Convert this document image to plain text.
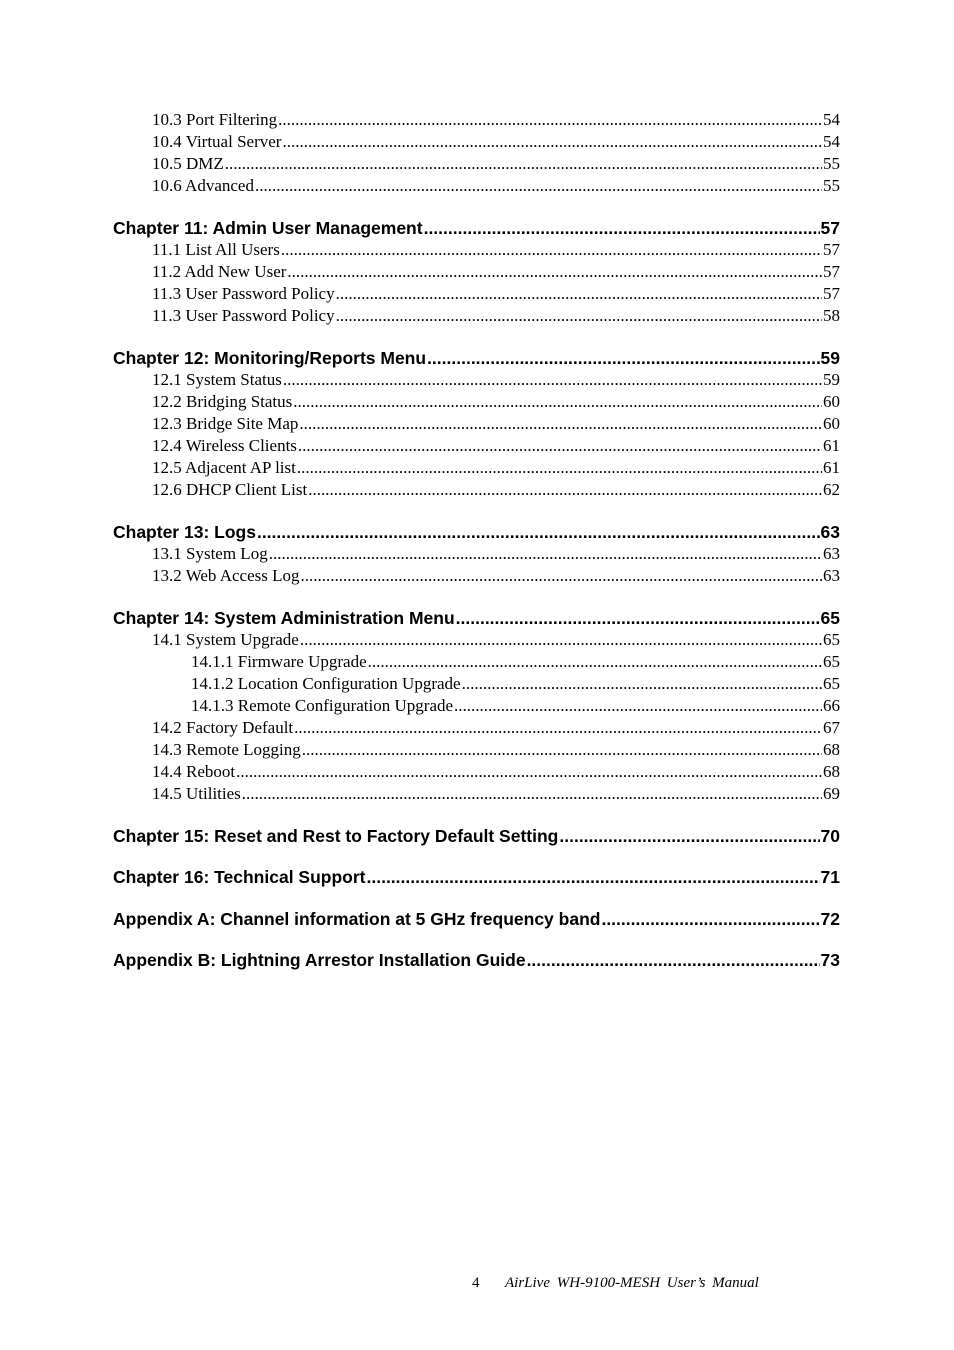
10.3 Port Filtering .....	54
10.4 Virtual Server .....	54
10.5 DMZ .....	55
10.6 Advanced .....	55
Chapter 11: Admin User Management .....	57
11.1 List All Users .....	57
11.2 Add New User .....	57
11.3 User Password Policy .....	57
11.3 User Password Policy .....	58
Chapter 12: Monitoring/Reports Menu .....	59
12.1 System Status .....	59
12.2 Bridging Status .....	60
12.3 Bridge Site Map .....	60
12.4 Wireless Clients .....	61
12.5 Adjacent AP list .....	61
12.6 DHCP Client List .....	62
Chapter 13: Logs .....	63
13.1 System Log .....	63
13.2 Web Access Log .....	63
Chapter 14: System Administration Menu .....	65
14.1 System Upgrade .....	65
14.1.1 Firmware Upgrade .....	65
14.1.2 Location Configuration Upgrade .....	65
14.1.3 Remote Configuration Upgrade .....	66
14.2 Factory Default .....	67
14.3 Remote Logging .....	68
14.4 Reboot .....	68
14.5 Utilities .....	69
Chapter 15: Reset and Rest to Factory Default Setting .....	70
Chapter 16: Technical Support .....	71
Appendix A: Channel information at 5 GHz frequency band .....	72
Appendix B: Lightning Arrestor Installation Guide .....	73
4 AirLive WH-9100-MESH User’s Manual
